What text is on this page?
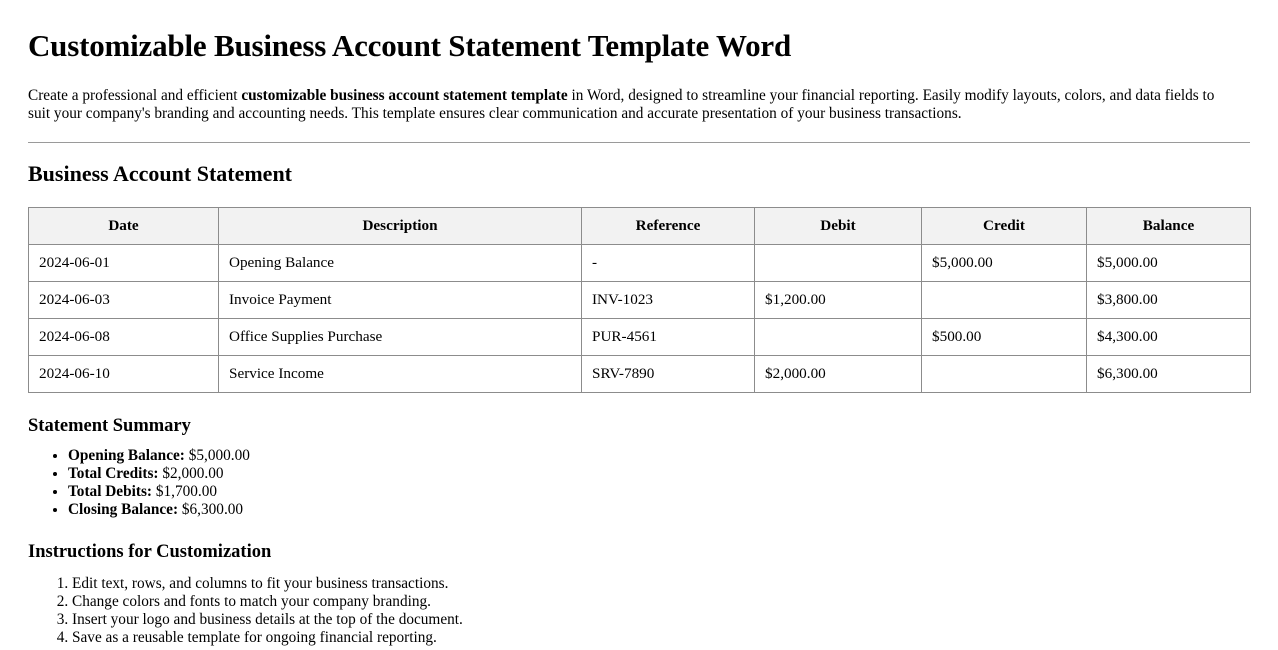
Customizable Business Account Statement Template Word

Create a professional and efficient customizable business account statement template in Word, designed to streamline your financial reporting. Easily modify layouts, colors, and data fields to suit your company's branding and accounting needs. This template ensures clear communication and accurate presentation of your business transactions.

Business Account Statement
Date	Description	Reference	Debit	Credit	Balance
2024-06-01	Opening Balance	-		$5,000.00	$5,000.00
2024-06-03	Invoice Payment	INV-1023	$1,200.00		$3,800.00
2024-06-08	Office Supplies Purchase	PUR-4561		$500.00	$4,300.00
2024-06-10	Service Income	SRV-7890	$2,000.00		$6,300.00
Statement Summary
• Opening Balance: $5,000.00
• Total Credits: $2,000.00
• Total Debits: $1,700.00
• Closing Balance: $6,300.00
Instructions for Customization
1. Edit text, rows, and columns to fit your business transactions.
2. Change colors and fonts to match your company branding.
3. Insert your logo and business details at the top of the document.
4. Save as a reusable template for ongoing financial reporting.
